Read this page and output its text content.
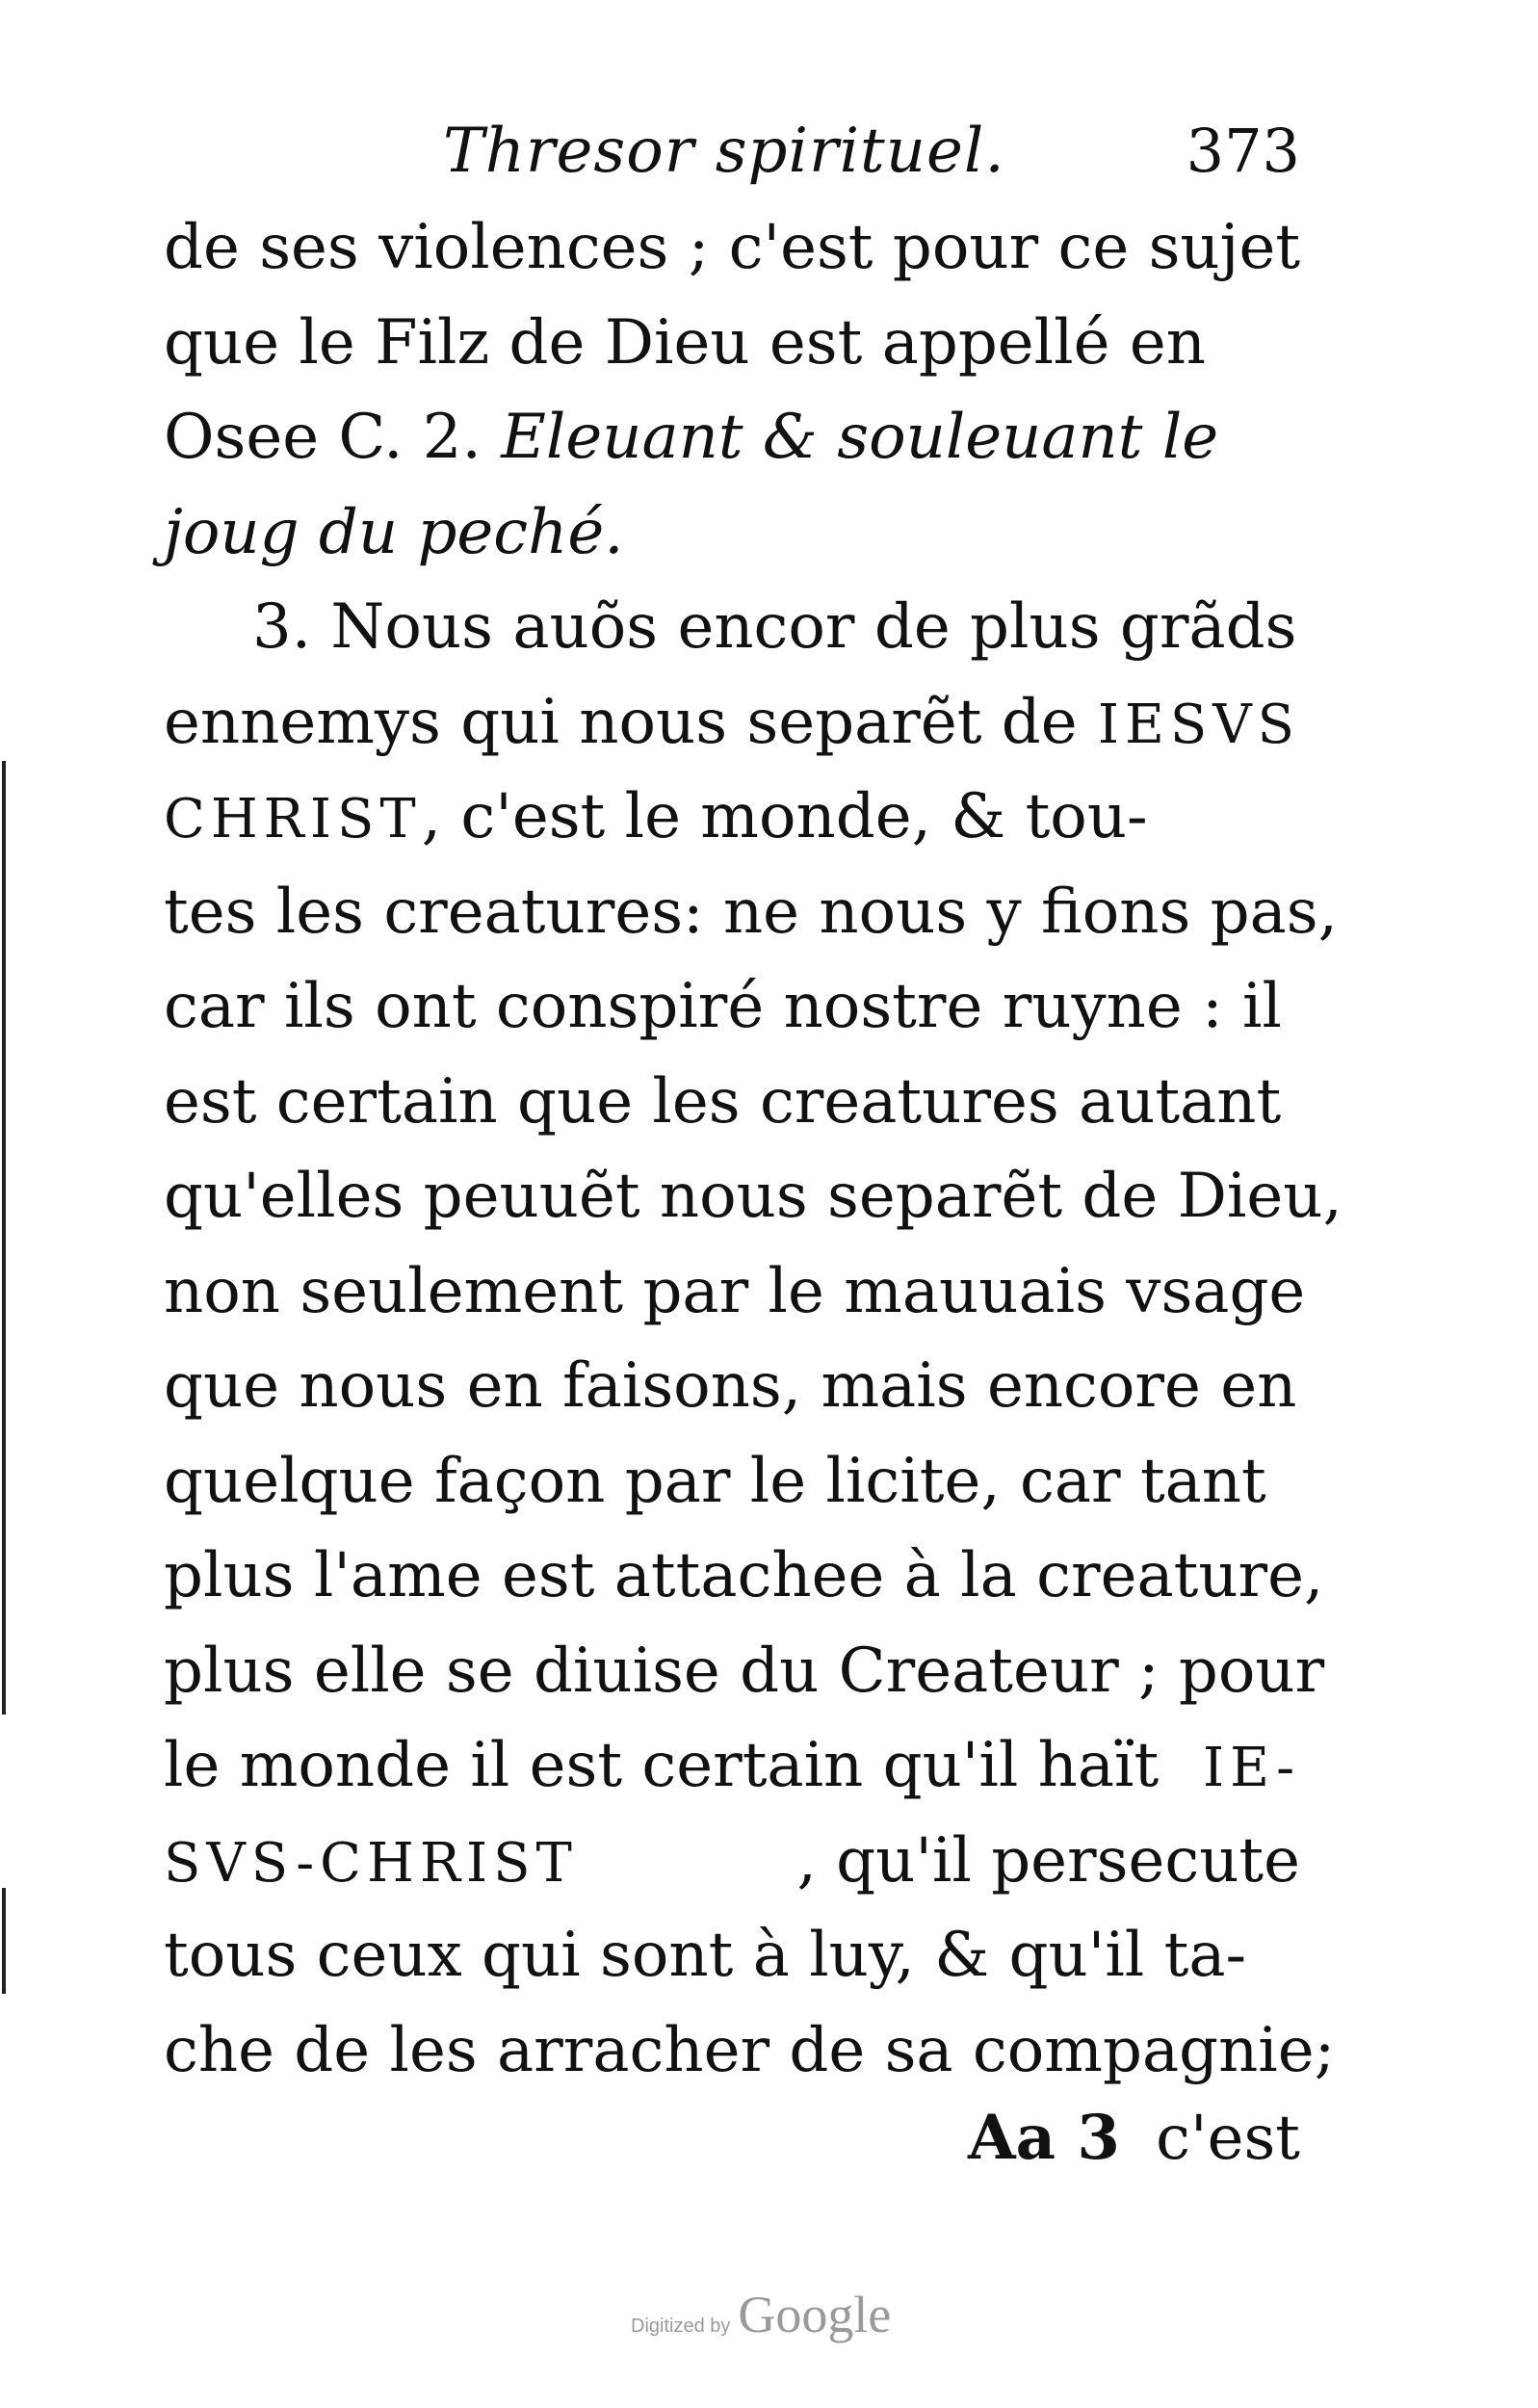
Thresor spirituel.	373
de ses violences ; c'est pour ce sujet
que le Filz de Dieu est appellé en
Osee C. 2. Eleuant & souleuant le
joug du peché.
3. Nous auõs encor de plus grãds
ennemys qui nous separẽt de IESVS
CHRIST, c'est le monde, & tou-
tes les creatures: ne nous y fions pas,
car ils ont conspiré nostre ruyne : il
est certain que les creatures autant
qu'elles peuuẽt nous separẽt de Dieu,
non seulement par le mauuais vsage
que nous en faisons, mais encore en
quelque façon par le licite, car tant
plus l'ame est attachee à la creature,
plus elle se diuise du Createur ; pour
le monde il est certain qu'il haït IE-
SVS-CHRIST	, qu'il persecute
tous ceux qui sont à luy, & qu'il ta-
che de les arracher de sa compagnie;
Aa 3 c'est
Digitized by Google
